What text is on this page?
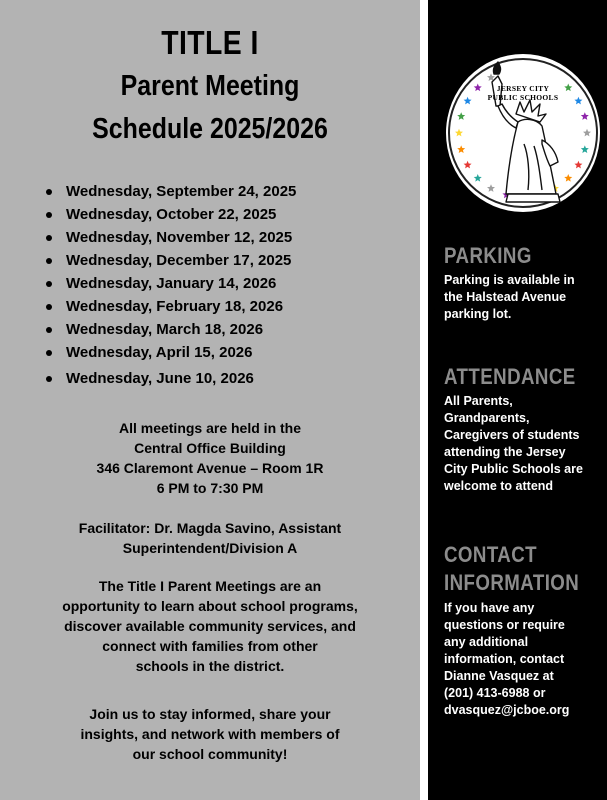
TITLE I
Parent Meeting
Schedule 2025/2026
Wednesday, September 24, 2025
Wednesday, October 22, 2025
Wednesday, November 12, 2025
Wednesday, December 17, 2025
Wednesday, January 14, 2026
Wednesday, February 18, 2026
Wednesday, March 18, 2026
Wednesday, April 15, 2026
Wednesday, June 10, 2026
All meetings are held in the
Central Office Building
346 Claremont Avenue – Room 1R
6 PM to 7:30 PM
Facilitator: Dr. Magda Savino, Assistant
Superintendent/Division A
The Title I Parent Meetings are an
opportunity to learn about school programs,
discover available community services, and
connect with families from other
schools in the district.
Join us to stay informed, share your
insights, and network with members of
our school community!
JERSEY CITY
PUBLIC SCHOOLS
PARKING
Parking is available in
the Halstead Avenue
parking lot.
ATTENDANCE
All Parents,
Grandparents,
Caregivers of students
attending the Jersey
City Public Schools are
welcome to attend
CONTACT
INFORMATION
If you have any
questions or require
any additional
information, contact
Dianne Vasquez at
(201) 413-6988 or
dvasquez@jcboe.org
